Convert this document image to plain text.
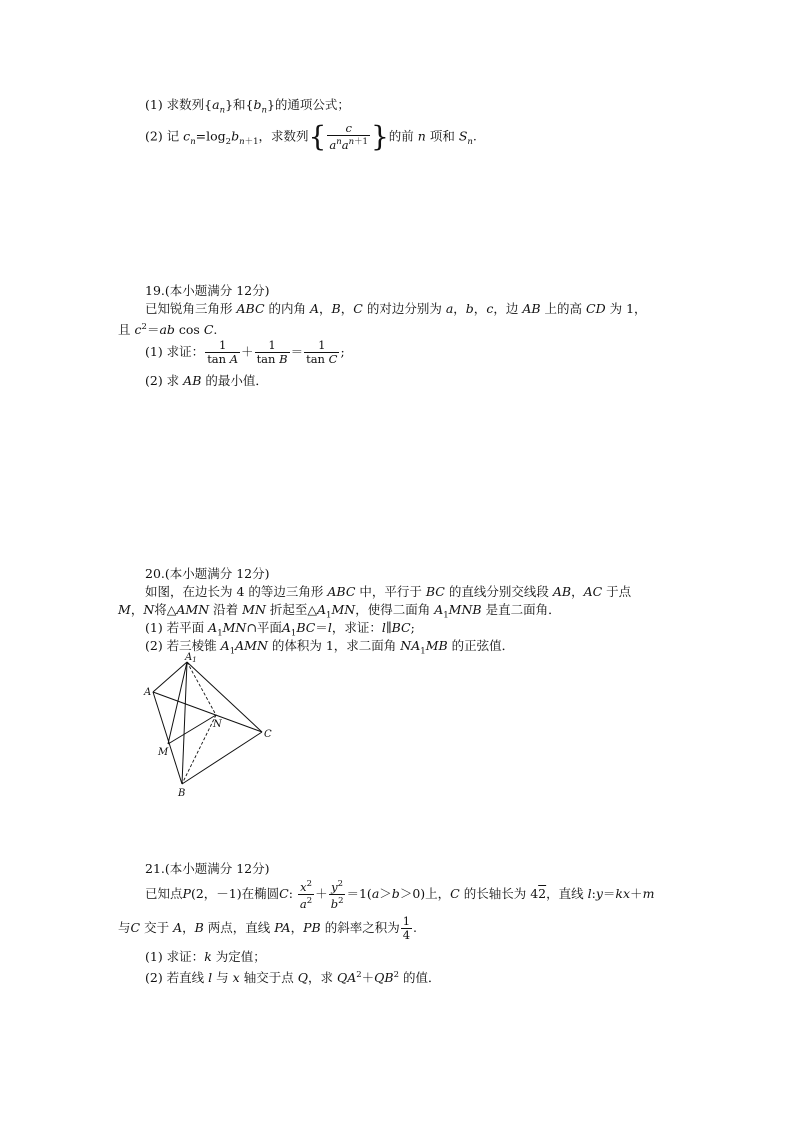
(1) 求数列$\{a_n\}$和$\{b_n\}$的通项公式；
(2) 记 $c_n=\log_2b_{n+1}$，求数列{ $\frac{c}{a^na^{n+1}}$ }的前 n 项和 $S_n$.
19.(本小题满分 12分)
已知锐角三角形 ABC 的内角 A，B，C 的对边分别为 a，b，c，边 AB 上的高 CD 为 1，
且 $c^2=ab$ cos C.
(1) 求证： $\frac{1}{\text{tan A}} + \frac{1}{\text{tan B}} = \frac{1}{\text{tan C}}$ ;
(2) 求 AB 的最小值．
20.(本小题满分 12分)
如图，在边长为 4 的等边三角形 ABC 中，平行于 BC 的直线分别交线段 AB，AC 于点
M，N将△AMN 沿着 MN 折起至$\triangle A_1MN$，使得二面角 $A_1MNB$ 是直二面角．
(1) 若平面 $A_1MN\cap$平面$A_1BC=l$，求证：l∥BC;
(2) 若三棱锥 $A_1AMN$ 的体积为 1，求二面角 $NA_1MB$ 的正弦值．
$A_1$
A
N
C
M
B
21.(本小题满分 12分)
已知点P(2，－1)在椭圆C: $\frac{x^2}{a^2} + \frac{y^2}{b^2} =1(a>b>0)$上，C 的长轴长为 42，直线 l:y＝kx＋m
与C 交于 A，B 两点，直线 PA，PB 的斜率之积为 $\frac{1}{4}$ .
(1) 求证：k 为定值；
(2) 若直线 l 与 x 轴交于点 Q，求 $QA^2+QB^2$ 的值．
